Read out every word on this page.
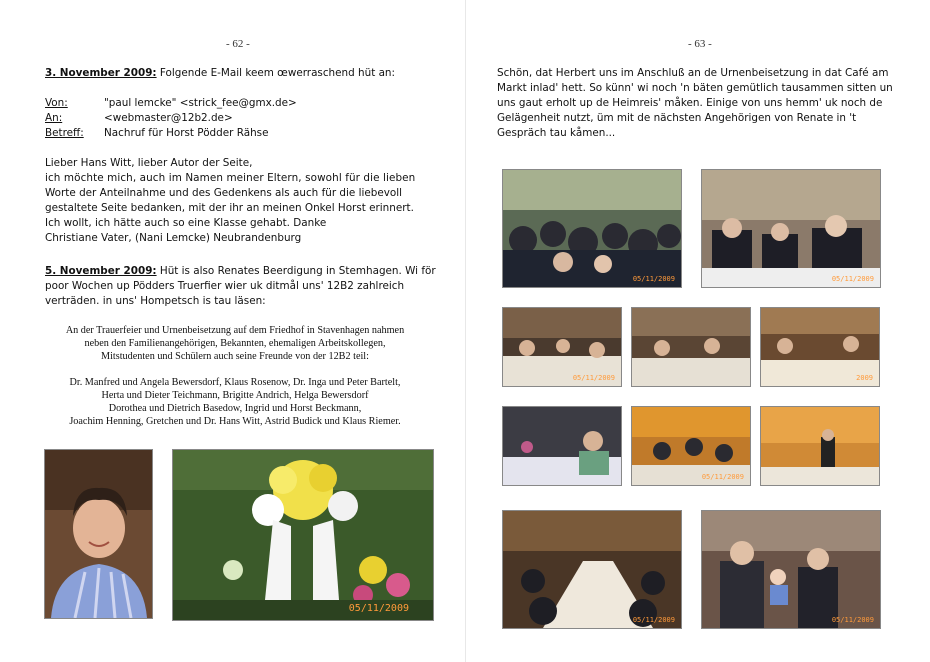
- 62 -
3. November 2009: Folgende E-Mail keem œwerraschend hüt an:
Von:	"paul lemcke" <strick_fee@gmx.de>
An:	<webmaster@12b2.de>
Betreff: Nachruf für Horst Pödder Rähse
Lieber Hans Witt, lieber Autor der Seite,
ich möchte mich, auch im Namen meiner Eltern, sowohl für die lieben
Worte der Anteilnahme und des Gedenkens als auch für die liebevoll
gestaltete Seite bedanken, mit der ihr an meinen Onkel Horst erinnert.
Ich wollt, ich hätte auch so eine Klasse gehabt. Danke
Christiane Vater, (Nani Lemcke) Neubrandenburg
5. November 2009: Hüt is also Renates Beerdigung in Stemhagen. Wi för
poor Wochen up Pödders Truerfier wier uk ditmål uns' 12B2 zahlreich
verträden. in uns' Hompetsch is tau läsen:
An der Trauerfeier und Urnenbeisetzung auf dem Friedhof in Stavenhagen nahmen
neben den Familienangehörigen, Bekannten, ehemaligen Arbeitskollegen,
Mitstudenten und Schülern auch seine Freunde von der 12B2 teil:
Dr. Manfred und Angela Bewersdorf, Klaus Rosenow, Dr. Inga und Peter Bartelt,
Herta und Dieter Teichmann, Brigitte Andrich, Helga Bewersdorf
Dorothea und Dietrich Basedow, Ingrid und Horst Beckmann,
Joachim Henning, Gretchen und Dr. Hans Witt, Astrid Budick und Klaus Riemer.
05/11/2009
- 63 -
Schön, dat Herbert uns im Anschluß an de Urnenbeisetzung in dat Café am
Markt inlad' hett. So künn' wi noch 'n bäten gemütlich tausammen sitten un
uns gaut erholt up de Heimreis' måken. Einige von uns hemm' uk noch de
Gelägenheit nutzt, üm mit de nächsten Angehörigen von Renate in 't
Gespräch tau kåmen...
05/11/2009	05/11/2009
05/11/2009	2009
05/11/2009
05/11/2009	05/11/2009
